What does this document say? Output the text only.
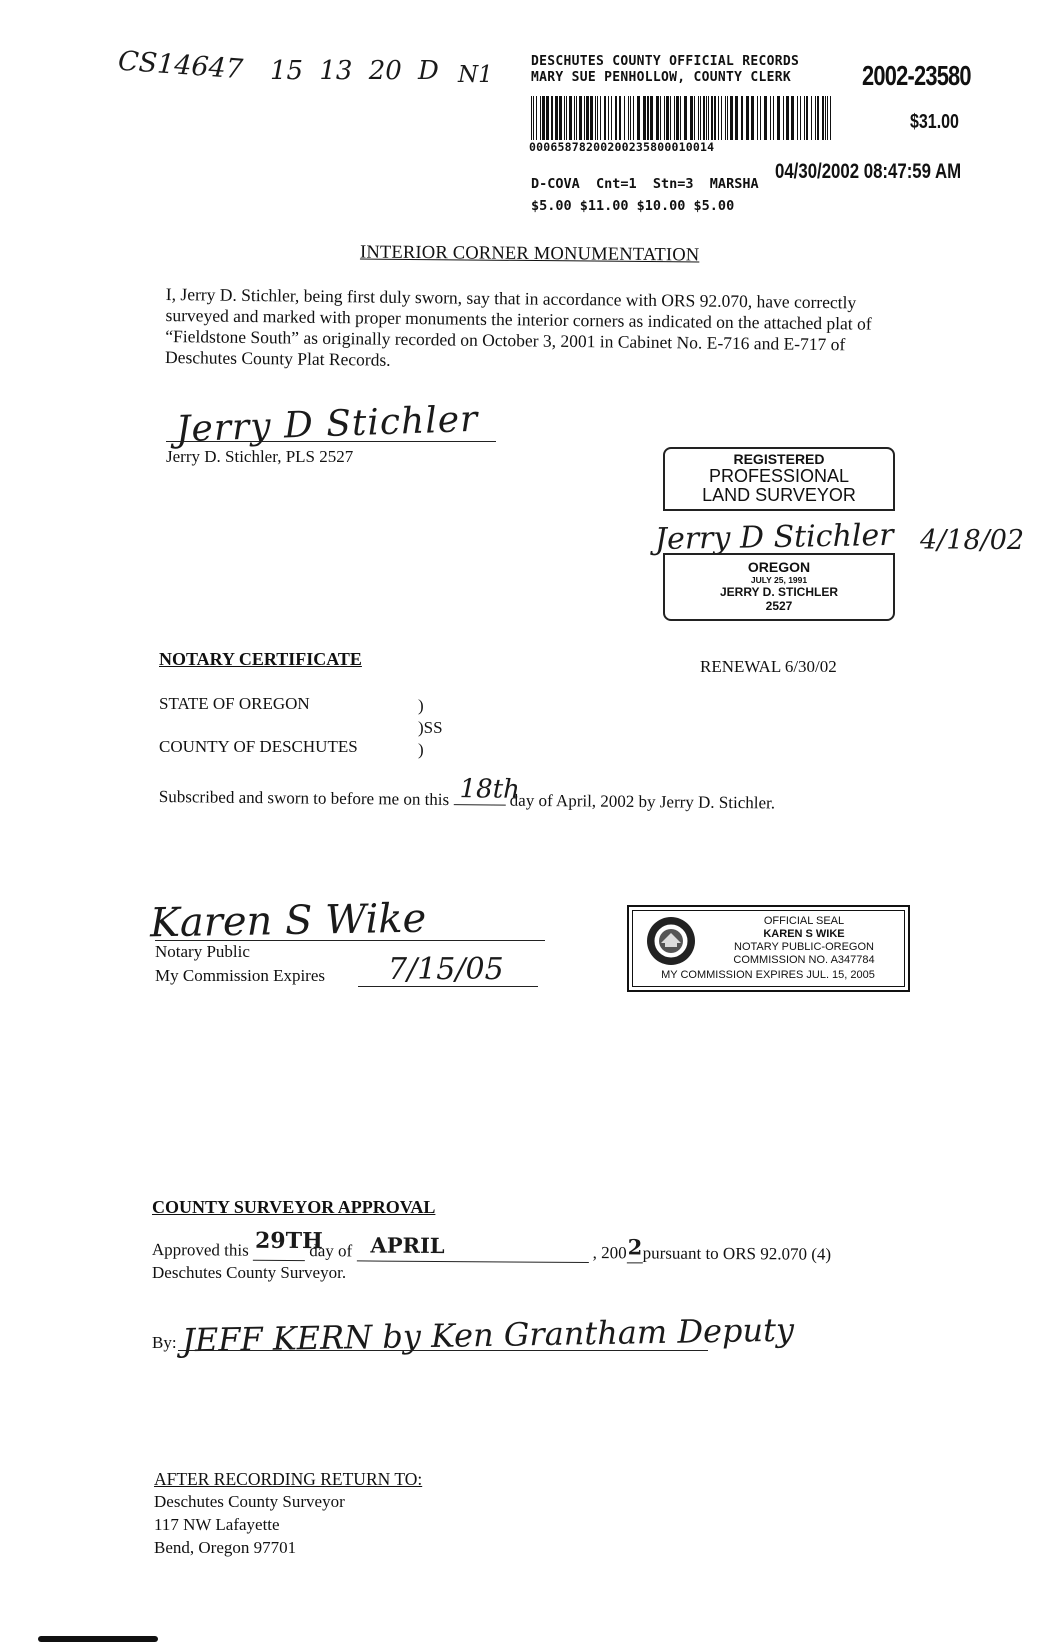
CS14647 15 13 20 D N1
DESCHUTES COUNTY OFFICIAL RECORDS
MARY SUE PENHOLLOW, COUNTY CLERK	2002-23580
00065878200200235800010014
$31.00
04/30/2002 08:47:59 AM
D-COVA  Cnt=1  Stn=3  MARSHA
$5.00 $11.00 $10.00 $5.00
INTERIOR CORNER MONUMENTATION
I, Jerry D. Stichler, being first duly sworn, say that in accordance with ORS 92.070, have correctly surveyed and marked with proper monuments the interior corners as indicated on the attached plat of “Fieldstone South” as originally recorded on October 3, 2001 in Cabinet No. E-716 and E-717 of Deschutes County Plat Records.
Jerry D Stichler
Jerry D. Stichler, PLS 2527	REGISTERED
PROFESSIONAL
LAND SURVEYOR
Jerry D Stichler 4/18/02
OREGON
JULY 25, 1991
JERRY D. STICHLER
2527
NOTARY CERTIFICATE	RENEWAL 6/30/02
STATE OF OREGON	)
)SS
COUNTY OF DESCHUTES	)
Subscribed and sworn to before me on this 18th
day of April, 2002 by Jerry D. Stichler.
Karen S Wike
Notary Public
My Commission Expires 7/15/05
OFFICIAL SEAL
KAREN S WIKE
NOTARY PUBLIC-OREGON
COMMISSION NO. A347784
MY COMMISSION EXPIRES JUL. 15, 2005
COUNTY SURVEYOR APPROVAL
Approved this 29TH
day of APRIL	, 200 2 pursuant to ORS 92.070 (4)
Deschutes County Surveyor.
By: JEFF KERN by Ken Grantham Deputy
AFTER RECORDING RETURN TO:
Deschutes County Surveyor
117 NW Lafayette
Bend, Oregon 97701
